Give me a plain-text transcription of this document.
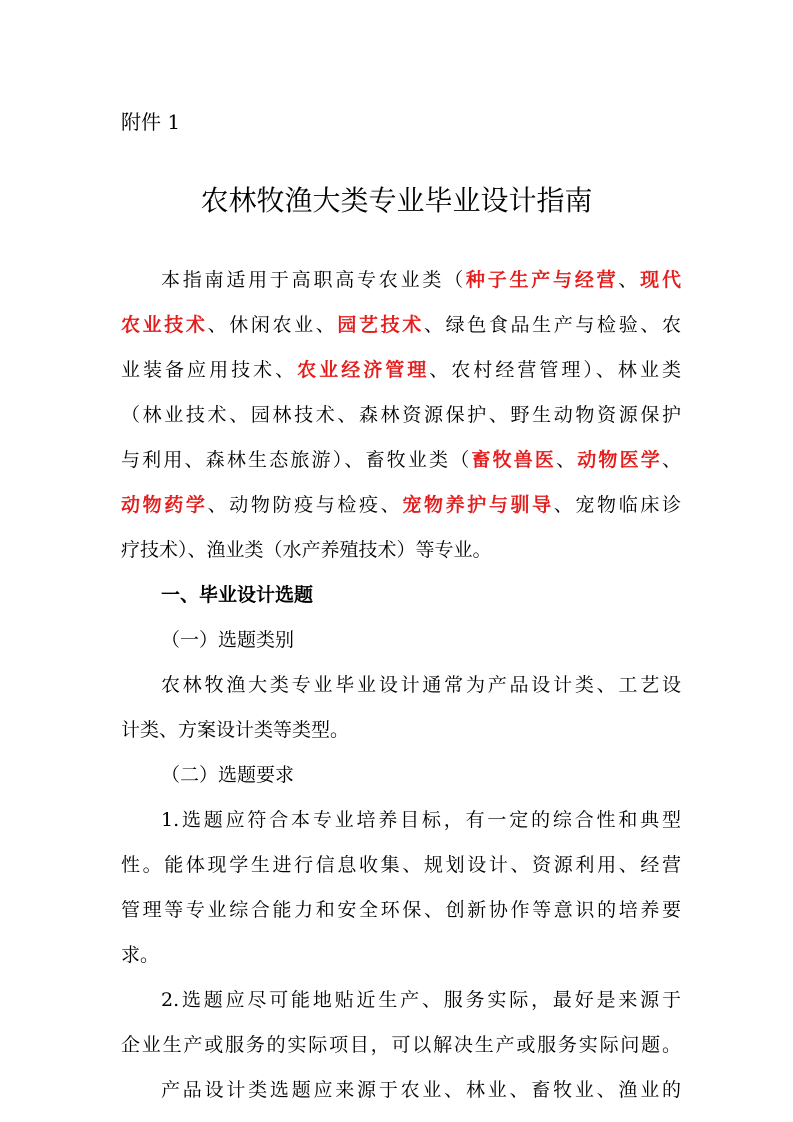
附件 1
农林牧渔大类专业毕业设计指南
本指南适用于高职高专农业类（种子生产与经营、现代
农业技术、休闲农业、园艺技术、绿色食品生产与检验、农
业装备应用技术、农业经济管理、农村经营管理）、林业类
（林业技术、园林技术、森林资源保护、野生动物资源保护
与利用、森林生态旅游）、畜牧业类（畜牧兽医、动物医学、
动物药学、动物防疫与检疫、宠物养护与驯导、宠物临床诊
疗技术）、渔业类（水产养殖技术）等专业。
一、毕业设计选题
（一）选题类别
农林牧渔大类专业毕业设计通常为产品设计类、工艺设
计类、方案设计类等类型。
（二）选题要求
1.选题应符合本专业培养目标，有一定的综合性和典型
性。能体现学生进行信息收集、规划设计、资源利用、经营
管理等专业综合能力和安全环保、创新协作等意识的培养要
求。
2.选题应尽可能地贴近生产、服务实际，最好是来源于
企业生产或服务的实际项目，可以解决生产或服务实际问题。
产品设计类选题应来源于农业、林业、畜牧业、渔业的
